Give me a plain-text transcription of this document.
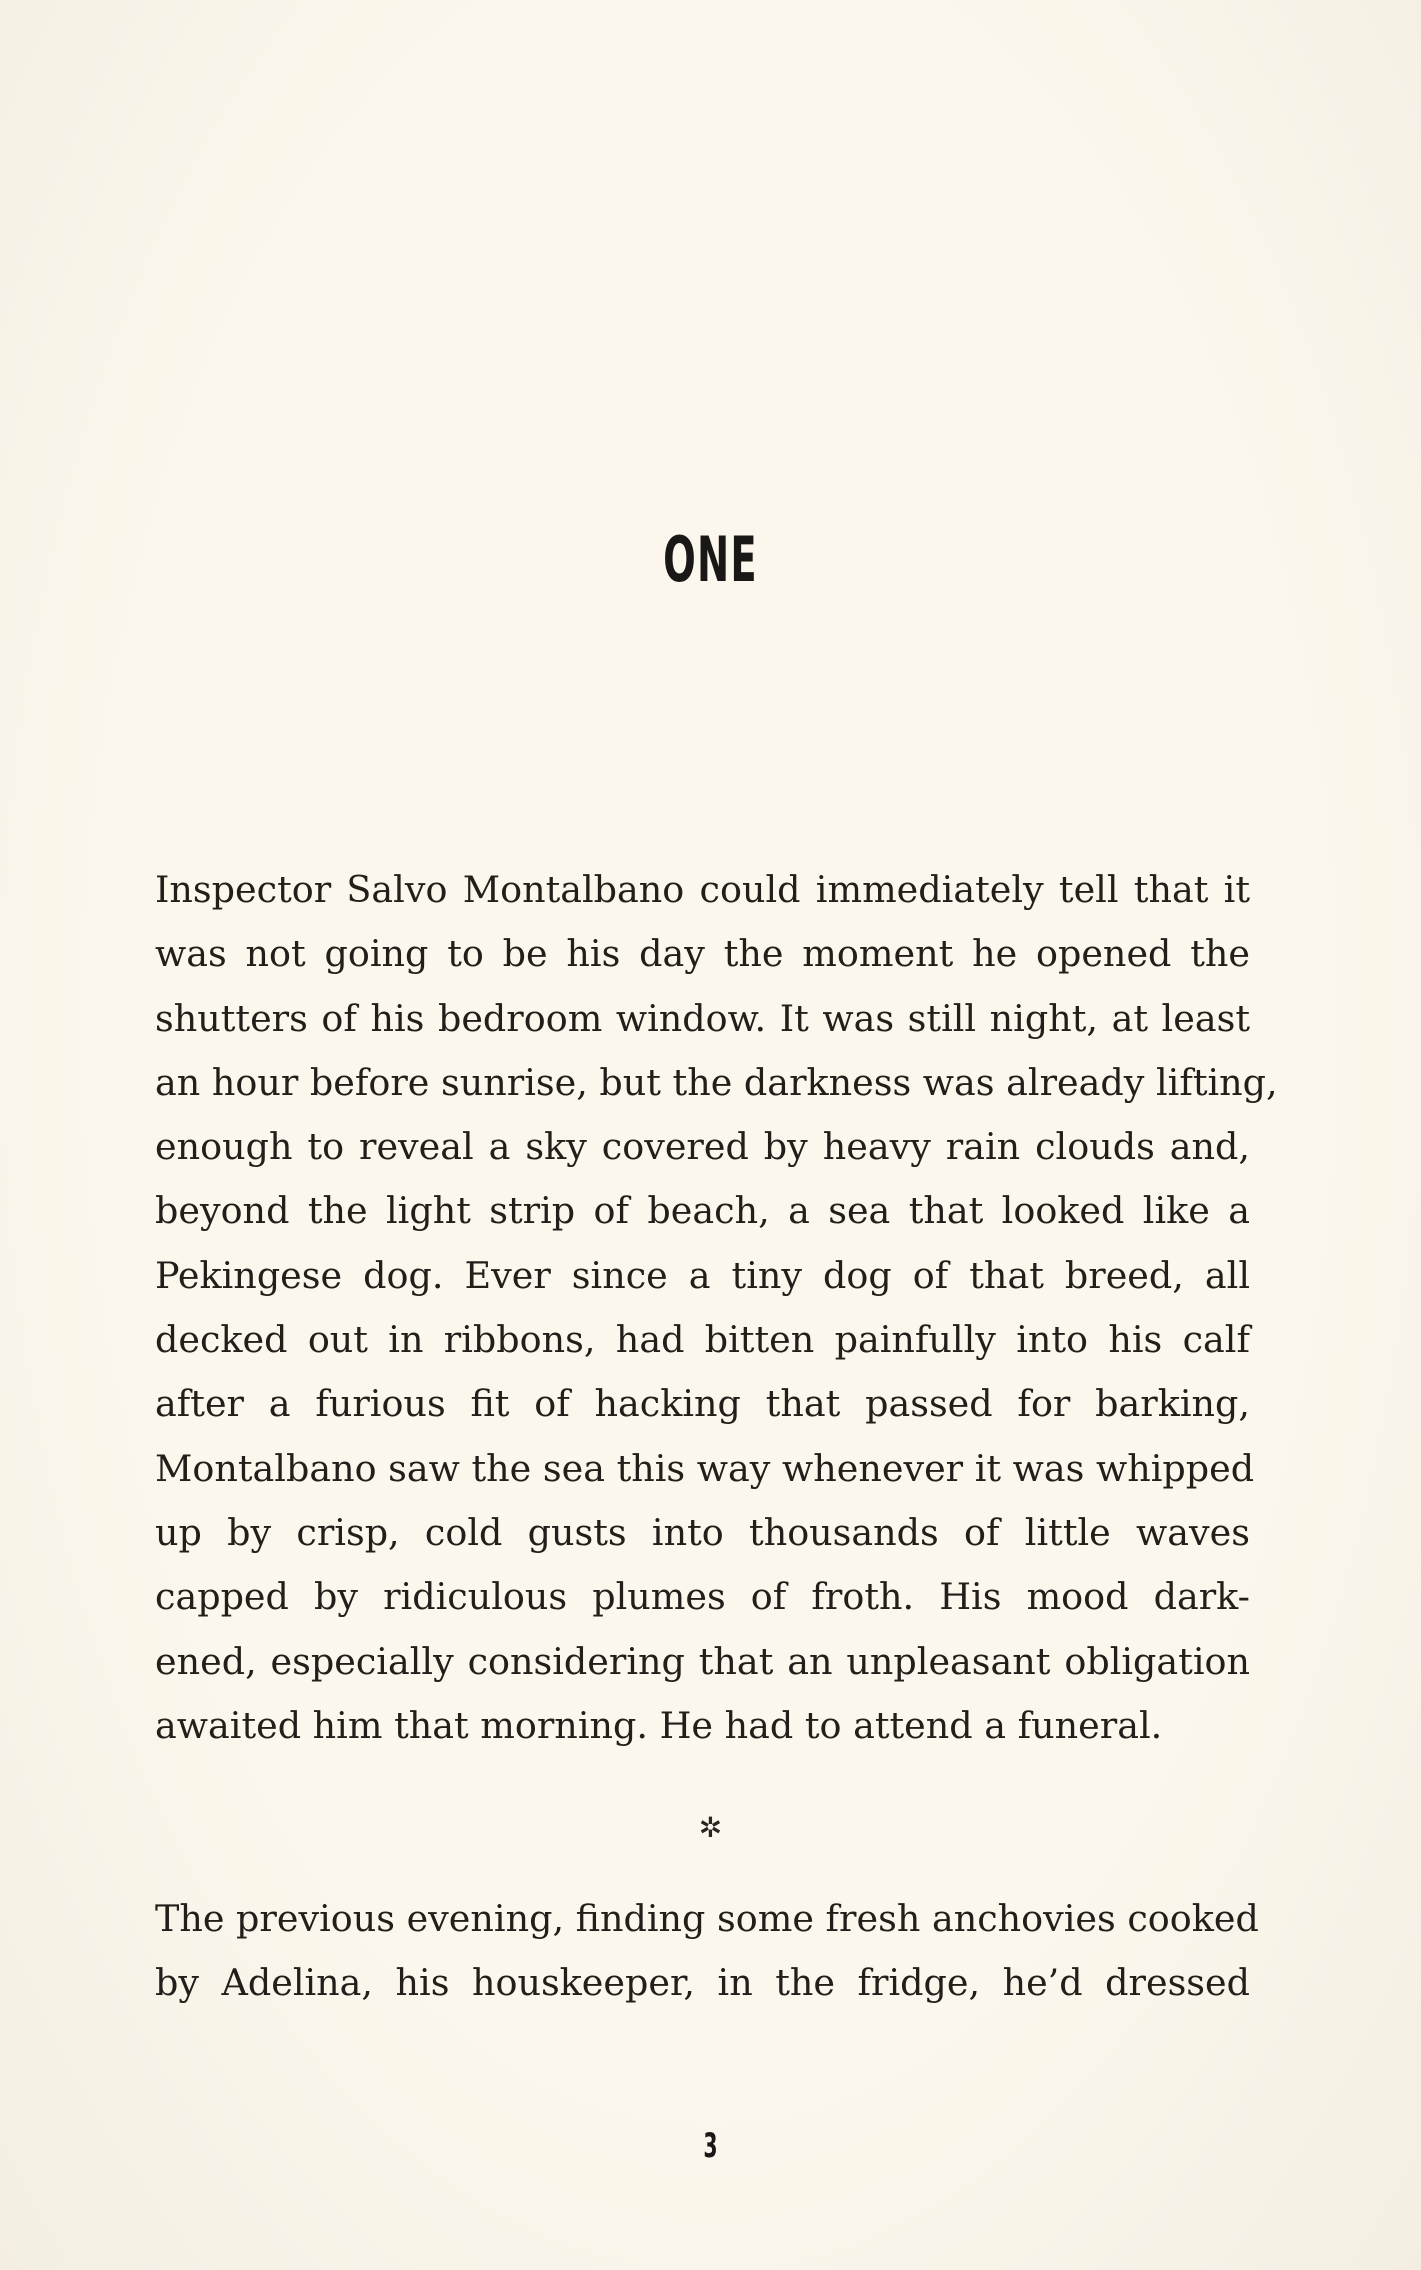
ONE
Inspector Salvo Montalbano could immediately tell that it
was not going to be his day the moment he opened the
shutters of his bedroom window. It was still night, at least
an hour before sunrise, but the darkness was already lifting,
enough to reveal a sky covered by heavy rain clouds and,
beyond the light strip of beach, a sea that looked like a
Pekingese dog. Ever since a tiny dog of that breed, all
decked out in ribbons, had bitten painfully into his calf
after a furious fit of hacking that passed for barking,
Montalbano saw the sea this way whenever it was whipped
up by crisp, cold gusts into thousands of little waves
capped by ridiculous plumes of froth. His mood dark-
ened, especially considering that an unpleasant obligation
awaited him that morning. He had to attend a funeral.
✲
The previous evening, finding some fresh anchovies cooked
by Adelina, his houskeeper, in the fridge, he’d dressed
3
